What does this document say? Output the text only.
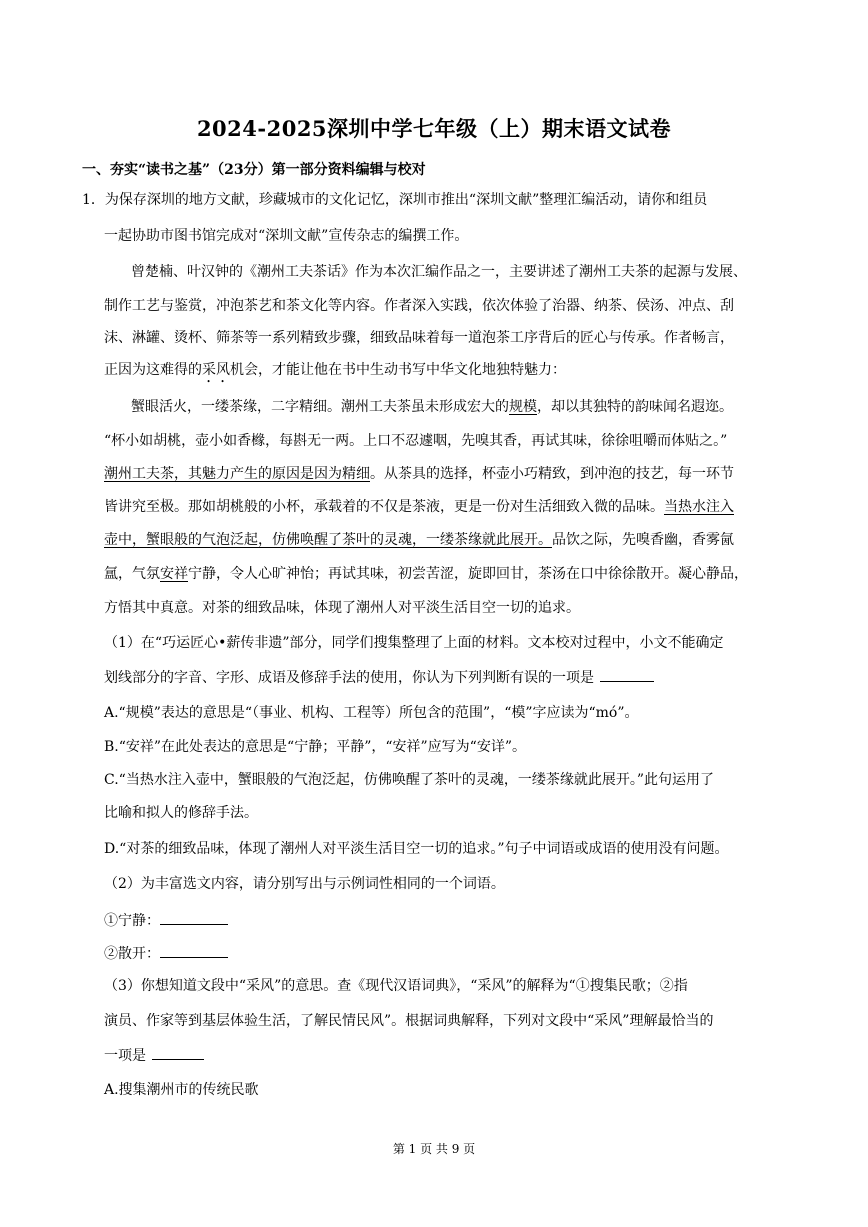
2024-2025深圳中学七年级（上）期末语文试卷
一、夯实“读书之基”（23分）第一部分资料编辑与校对
1．为保存深圳的地方文献，珍藏城市的文化记忆，深圳市推出“深圳文献”整理汇编活动，请你和组员
一起协助市图书馆完成对“深圳文献”宣传杂志的编撰工作。
曾楚楠、叶汉钟的《潮州工夫茶话》作为本次汇编作品之一，主要讲述了潮州工夫茶的起源与发展、
制作工艺与鉴赏，冲泡茶艺和茶文化等内容。作者深入实践，依次体验了治器、纳茶、侯汤、冲点、刮
沫、淋罐、烫杯、筛茶等一系列精致步骤，细致品味着每一道泡茶工序背后的匠心与传承。作者畅言，
正因为这难得的采风机会，才能让他在书中生动书写中华文化地独特魅力：
蟹眼活火，一缕茶缘，二字精细。潮州工夫茶虽未形成宏大的规模，却以其独特的韵味闻名遐迩。
“杯小如胡桃，壶小如香橼，每斟无一两。上口不忍遽咽，先嗅其香，再试其味，徐徐咀嚼而体贴之。”
潮州工夫茶，其魅力产生的原因是因为精细。从茶具的选择，杯壶小巧精致，到冲泡的技艺，每一环节
皆讲究至极。那如胡桃般的小杯，承载着的不仅是茶液，更是一份对生活细致入微的品味。当热水注入
壶中，蟹眼般的气泡泛起，仿佛唤醒了茶叶的灵魂，一缕茶缘就此展开。品饮之际，先嗅香幽，香雾氤
氲，气氛安祥宁静，令人心旷神怡；再试其味，初尝苦涩，旋即回甘，茶汤在口中徐徐散开。凝心静品，
方悟其中真意。对茶的细致品味，体现了潮州人对平淡生活目空一切的追求。
（1）在“巧运匠心•薪传非遗”部分，同学们搜集整理了上面的材料。文本校对过程中，小文不能确定
划线部分的字音、字形、成语及修辞手法的使用，你认为下列判断有误的一项是
A.“规模”表达的意思是“（事业、机构、工程等）所包含的范围”，“模”字应读为“mó”。
B.“安祥”在此处表达的意思是“宁静；平静”，“安祥”应写为“安详”。
C.“当热水注入壶中，蟹眼般的气泡泛起，仿佛唤醒了茶叶的灵魂，一缕茶缘就此展开。”此句运用了
比喻和拟人的修辞手法。
D.“对茶的细致品味，体现了潮州人对平淡生活目空一切的追求。”句子中词语或成语的使用没有问题。
（2）为丰富选文内容，请分别写出与示例词性相同的一个词语。
①宁静：
②散开：
（3）你想知道文段中“采风”的意思。查《现代汉语词典》，“采风”的解释为“①搜集民歌；②指
演员、作家等到基层体验生活，了解民情民风”。根据词典解释，下列对文段中“采风”理解最恰当的
一项是
A.搜集潮州市的传统民歌
第 1 页 共 9 页
